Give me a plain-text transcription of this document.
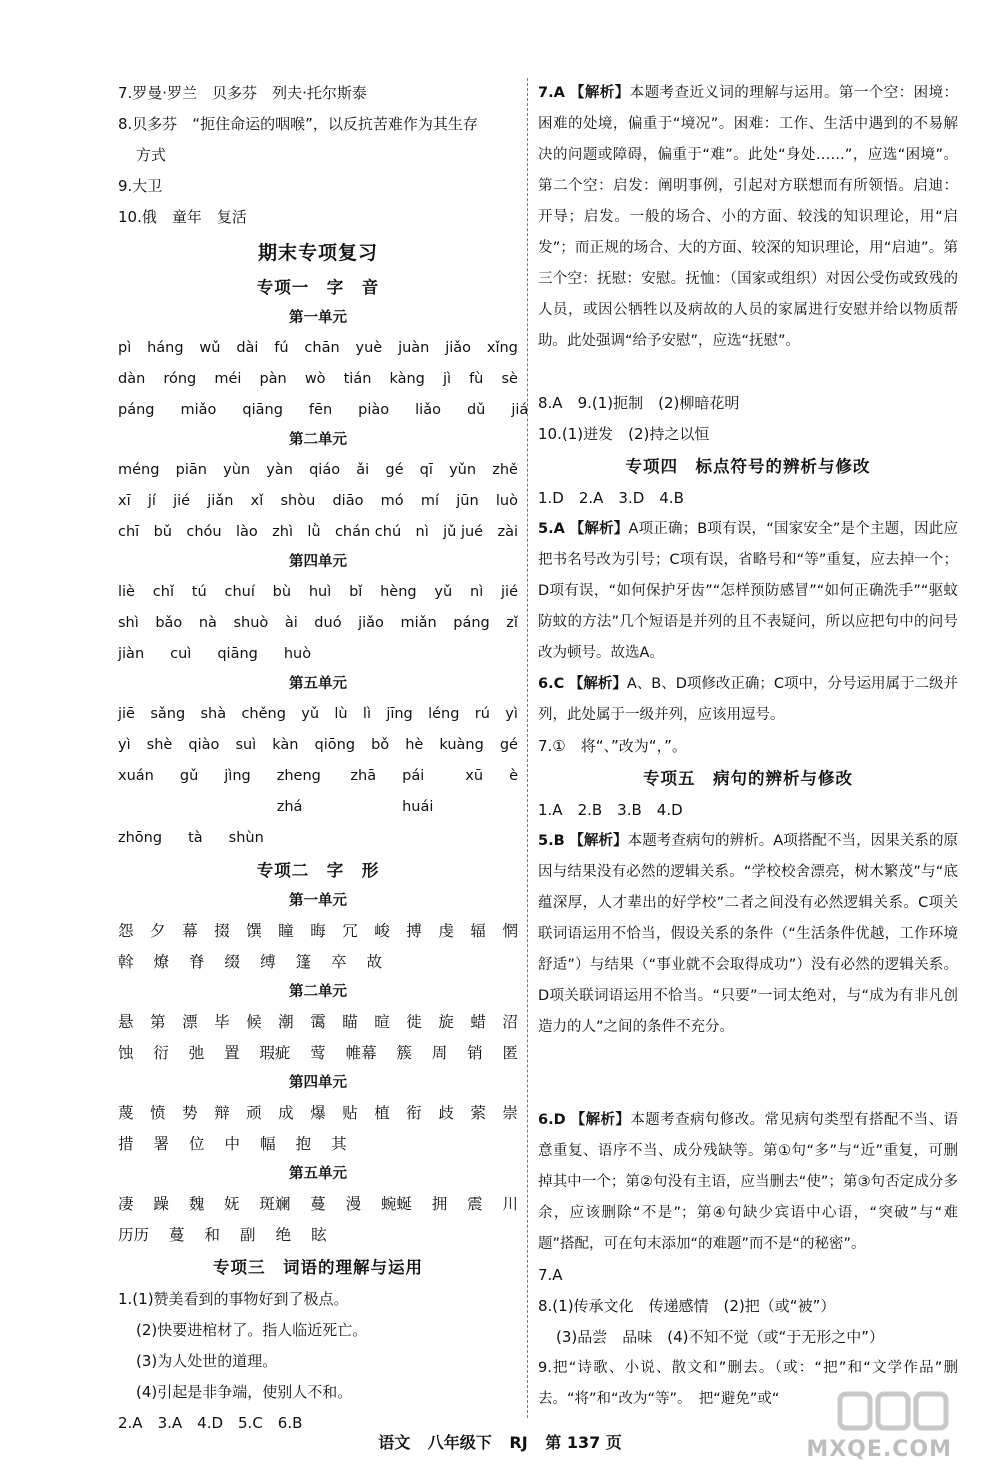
7.罗曼·罗兰　贝多芬　列夫·托尔斯泰
8.贝多芬　“扼住命运的咽喉”，以反抗苦难作为其生存
方式
9.大卫
10.俄　童年　复活
期末专项复习
专项一　字　音
第一单元
pì háng wǔ dài fú chān yuè juàn jiǎo xǐng
dàn róng méi pàn wò tián kàng jì fù sè
páng miǎo qiāng fēn piào liǎo dǔ jiá
第二单元
méng piān yùn yàn qiáo ǎi gé qī yǔn zhě
xī jí jié jiǎn xǐ shòu diāo mó mí jūn luò
chī bǔ chóu lào zhì lǜ chán chú nì jǔ jué zài
第四单元
liè chǐ tú chuí bù huì bǐ hèng yǔ nì jié
shì bǎo nà shuò ài duó jiǎo miǎn páng zǐ
jiàn cuì qiāng huò
第五单元
jiē sǎng shà chěng yǔ lù lì jīng léng rú yì
yì shè qiào suì kàn qiōng bǒ hè kuàng gé
xuán gǔ jìng zheng zhá
zhā pái huái
xū è
zhōng tà shùn
专项二　字　形
第一单元
怨 夕 幕 掇 馔 瞳 晦 冗 峻 搏 虔 辐 惘
斡 燎 脊 缀 缚 篷 卒 故
第二单元
悬 第 漂 毕 候 潮 霭 瞄 暄 徙 旋 蜡 沼
蚀 衍 弛 置 瑕疵 莺 帷幕 簇 周 销 匿
第四单元
蔑 愤 势 辩 顽 成 爆 贴 植 衔 歧 萦 崇
措 署 位 中 幅 抱 其
第五单元
凄 躁 魏 妩 斑斓 蔓 漫 蜿蜒 拥 震 川
历历 蔓 和 副 绝 眩
专项三　词语的理解与运用
1.(1)赞美看到的事物好到了极点。
(2)快要进棺材了。指人临近死亡。
(3)为人处世的道理。
(4)引起是非争端，使别人不和。
2.A　3.A　4.D　5.C　6.B
7.A 【解析】本题考查近义词的理解与运用。第一个空：困境：困难的处境，偏重于“境况”。困难：工作、生活中遇到的不易解决的问题或障碍，偏重于“难”。此处“身处……”，应选“困境”。第二个空：启发：阐明事例，引起对方联想而有所领悟。启迪：开导；启发。一般的场合、小的方面、较浅的知识理论，用“启发”；而正规的场合、大的方面、较深的知识理论，用“启迪”。第三个空：抚慰：安慰。抚恤：（国家或组织）对因公受伤或致残的人员，或因公牺牲以及病故的人员的家属进行安慰并给以物质帮助。此处强调“给予安慰”，应选“抚慰”。
8.A　9.(1)扼制　(2)柳暗花明
10.(1)迸发　(2)持之以恒
专项四　标点符号的辨析与修改
1.D　2.A　3.D　4.B
5.A 【解析】A项正确；B项有误，“国家安全”是个主题，因此应把书名号改为引号；C项有误，省略号和“等”重复，应去掉一个；D项有误，“如何保护牙齿”“怎样预防感冒”“如何正确洗手”“驱蚊防蚊的方法”几个短语是并列的且不表疑问，所以应把句中的问号改为顿号。故选A。
6.C 【解析】A、B、D项修改正确；C项中，分号运用属于二级并列，此处属于一级并列，应该用逗号。
7.①　将“、”改为“，”。
专项五　病句的辨析与修改
1.A　2.B　3.B　4.D
5.B 【解析】本题考查病句的辨析。A项搭配不当，因果关系的原因与结果没有必然的逻辑关系。“学校校舍漂亮，树木繁茂”与“底蕴深厚，人才辈出的好学校”二者之间没有必然逻辑关系。C项关联词语运用不恰当，假设关系的条件（“生活条件优越，工作环境舒适”）与结果（“事业就不会取得成功”）没有必然的逻辑关系。D项关联词语运用不恰当。“只要”一词太绝对，与“成为有非凡创造力的人”之间的条件不充分。
6.D 【解析】本题考查病句修改。常见病句类型有搭配不当、语意重复、语序不当、成分残缺等。第①句“多”与“近”重复，可删掉其中一个；第②句没有主语，应当删去“使”；第③句否定成分多余，应该删除“不是”；第④句缺少宾语中心语，“突破”与“难题”搭配，可在句末添加“的难题”而不是“的秘密”。
7.A
8.(1)传承文化　传递感情　(2)把（或“被”）
(3)品尝　品味　(4)不知不觉（或“于无形之中”）
9.把“诗歌、小说、散文和”删去。（或：“把”和“文学作品”删去。“将”和“改为“等”。　把“避免”或“
语文 八年级下 RJ 第 137 页	MXQE.COM
